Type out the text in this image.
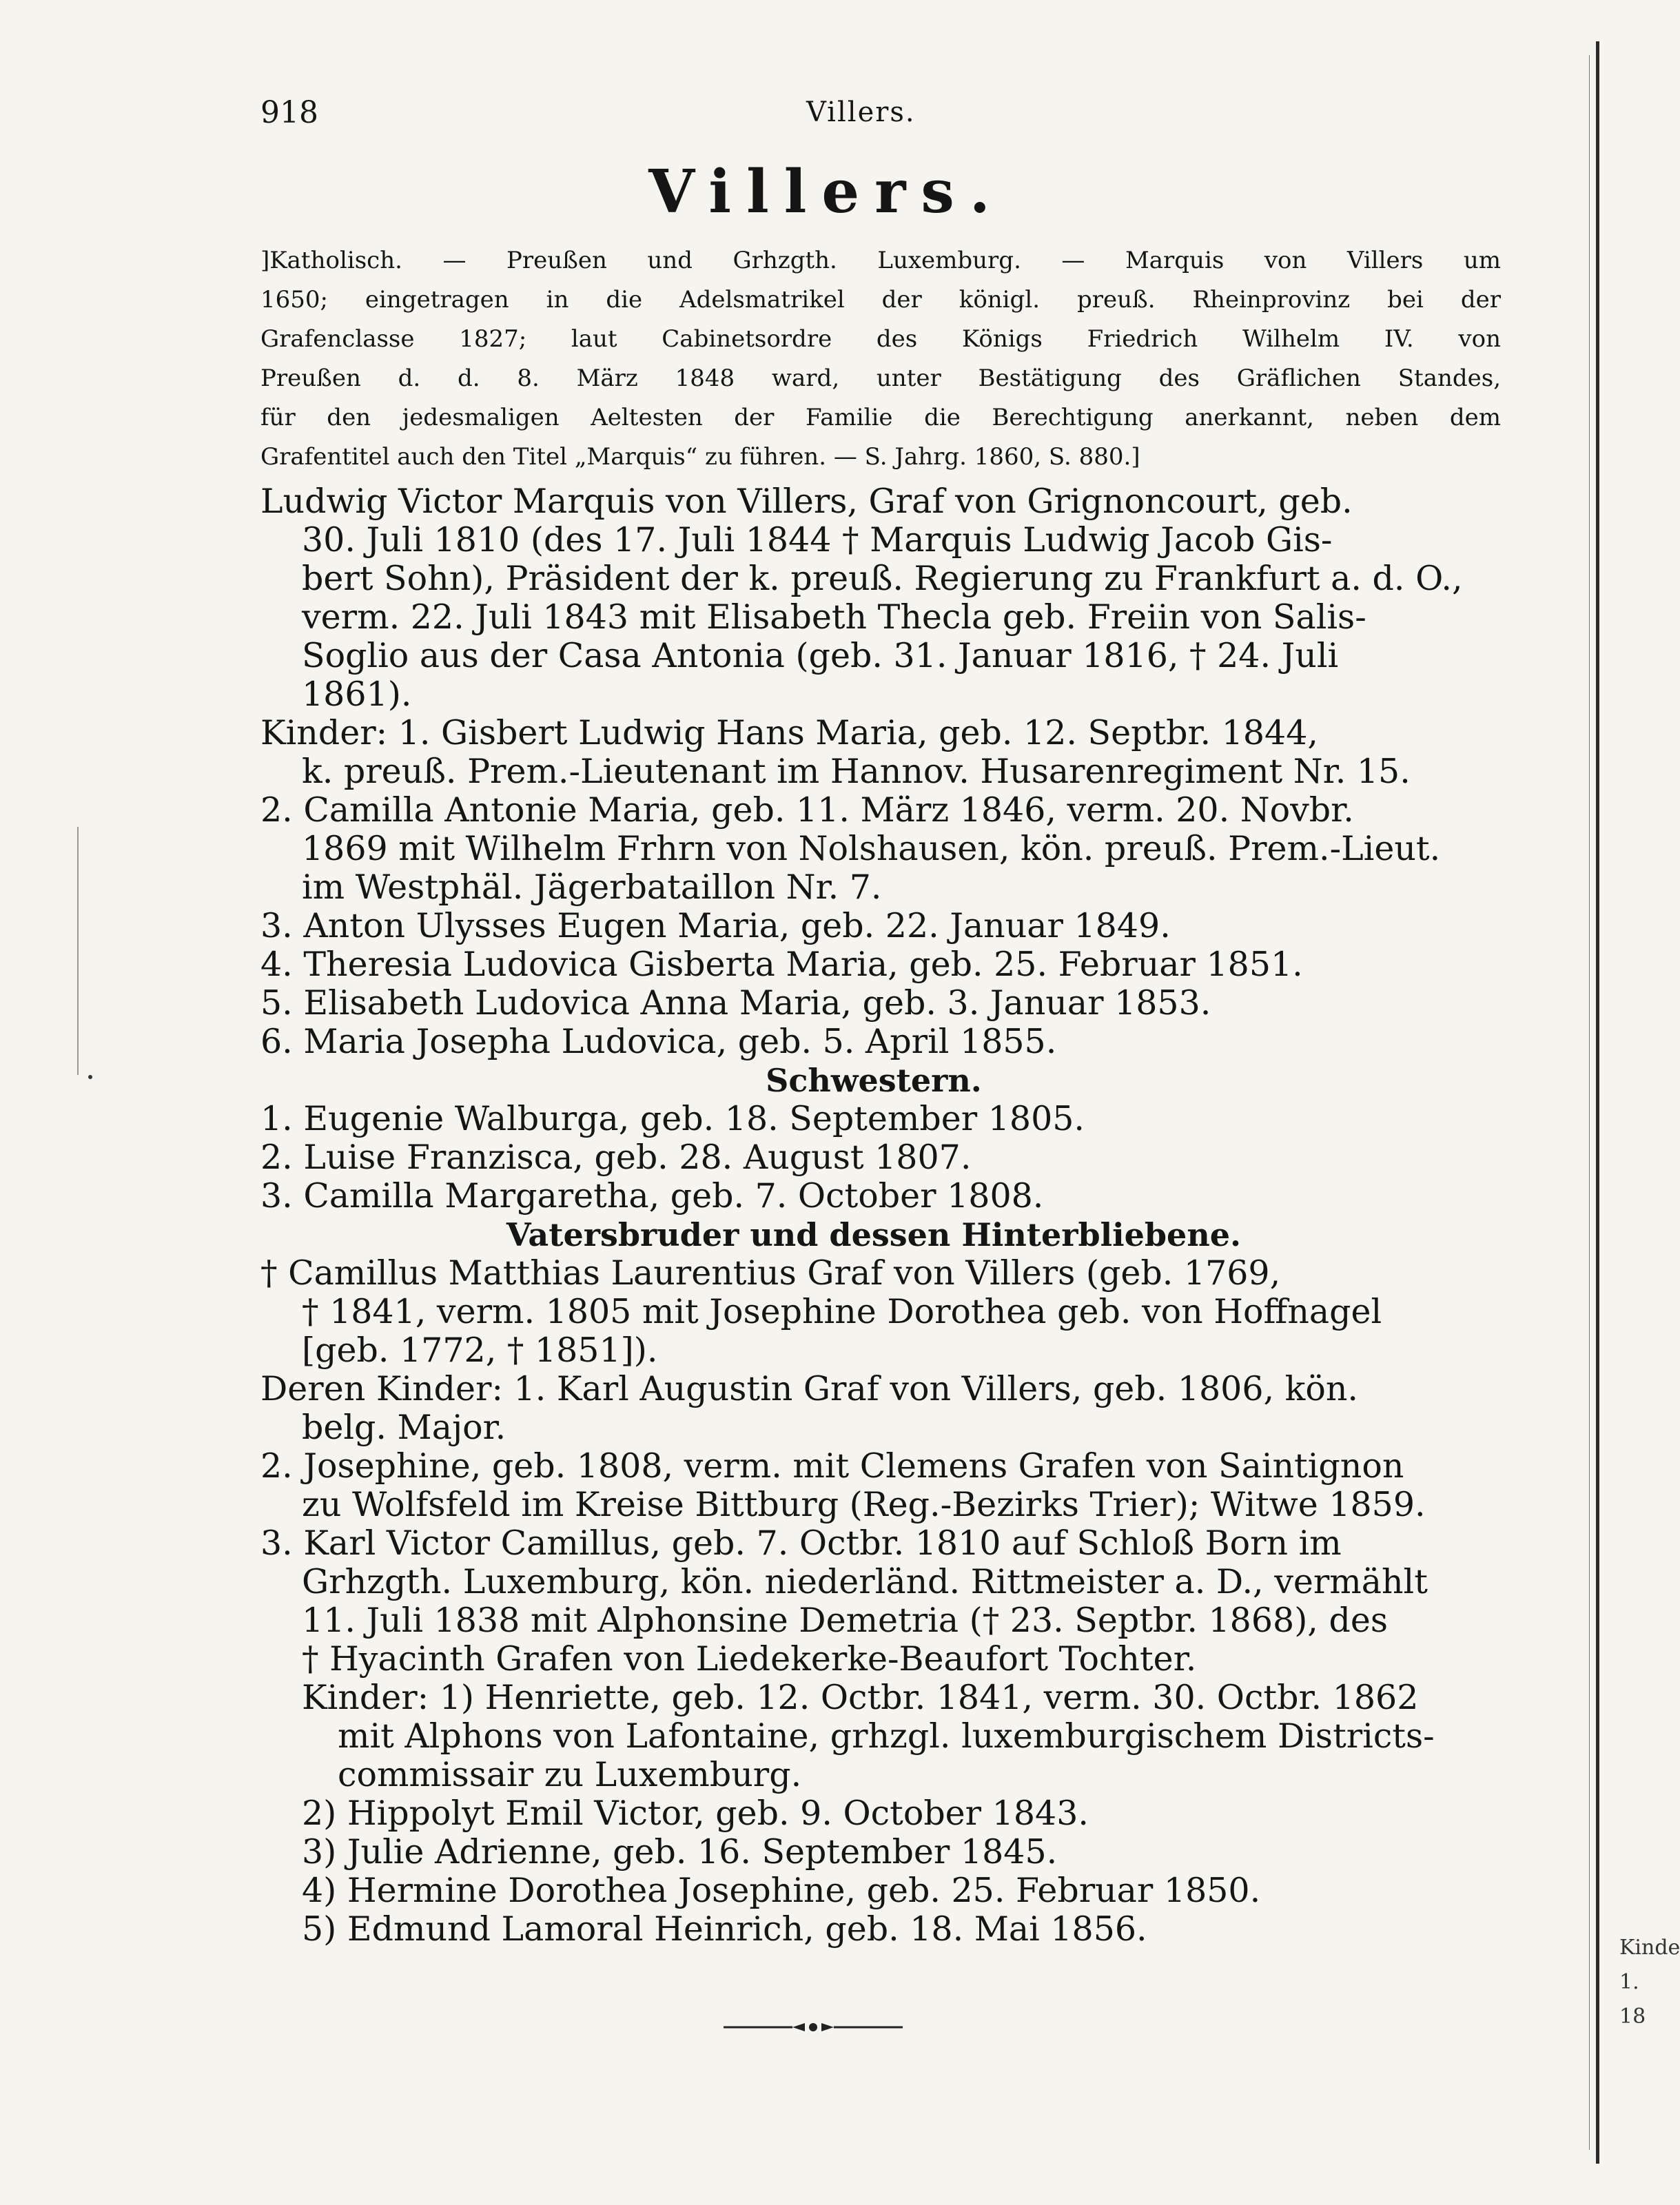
918	Villers.
Villers.
]Katholisch. — Preußen und Grhzgth. Luxemburg. — Marquis von Villers um
1650; eingetragen in die Adelsmatrikel der königl. preuß. Rheinprovinz bei der
Grafenclasse 1827; laut Cabinetsordre des Königs Friedrich Wilhelm IV. von
Preußen d. d. 8. März 1848 ward, unter Bestätigung des Gräflichen Standes,
für den jedesmaligen Aeltesten der Familie die Berechtigung anerkannt, neben dem
Grafentitel auch den Titel „Marquis“ zu führen. — S. Jahrg. 1860, S. 880.]
Ludwig Victor Marquis von Villers, Graf von Grignoncourt, geb.
30. Juli 1810 (des 17. Juli 1844 † Marquis Ludwig Jacob Gis-
bert Sohn), Präsident der k. preuß. Regierung zu Frankfurt a. d. O.,
verm. 22. Juli 1843 mit Elisabeth Thecla geb. Freiin von Salis-
Soglio aus der Casa Antonia (geb. 31. Januar 1816, † 24. Juli
1861).
Kinder: 1. Gisbert Ludwig Hans Maria, geb. 12. Septbr. 1844,
k. preuß. Prem.-Lieutenant im Hannov. Husarenregiment Nr. 15.
2. Camilla Antonie Maria, geb. 11. März 1846, verm. 20. Novbr.
1869 mit Wilhelm Frhrn von Nolshausen, kön. preuß. Prem.-Lieut.
im Westphäl. Jägerbataillon Nr. 7.
3. Anton Ulysses Eugen Maria, geb. 22. Januar 1849.
4. Theresia Ludovica Gisberta Maria, geb. 25. Februar 1851.
5. Elisabeth Ludovica Anna Maria, geb. 3. Januar 1853.
6. Maria Josepha Ludovica, geb. 5. April 1855.
Schwestern.
1. Eugenie Walburga, geb. 18. September 1805.
2. Luise Franzisca, geb. 28. August 1807.
3. Camilla Margaretha, geb. 7. October 1808.
Vatersbruder und dessen Hinterbliebene.
† Camillus Matthias Laurentius Graf von Villers (geb. 1769,
† 1841, verm. 1805 mit Josephine Dorothea geb. von Hoffnagel
[geb. 1772, † 1851]).
Deren Kinder: 1. Karl Augustin Graf von Villers, geb. 1806, kön.
belg. Major.
2. Josephine, geb. 1808, verm. mit Clemens Grafen von Saintignon
zu Wolfsfeld im Kreise Bittburg (Reg.-Bezirks Trier); Witwe 1859.
3. Karl Victor Camillus, geb. 7. Octbr. 1810 auf Schloß Born im
Grhzgth. Luxemburg, kön. niederländ. Rittmeister a. D., vermählt
11. Juli 1838 mit Alphonsine Demetria († 23. Septbr. 1868), des
† Hyacinth Grafen von Liedekerke-Beaufort Tochter.
Kinder: 1) Henriette, geb. 12. Octbr. 1841, verm. 30. Octbr. 1862
mit Alphons von Lafontaine, grhzgl. luxemburgischem Districts-
commissair zu Luxemburg.
2) Hippolyt Emil Victor, geb. 9. October 1843.
3) Julie Adrienne, geb. 16. September 1845.
4) Hermine Dorothea Josephine, geb. 25. Februar 1850.
5) Edmund Lamoral Heinrich, geb. 18. Mai 1856.	Kinde
1.
18
